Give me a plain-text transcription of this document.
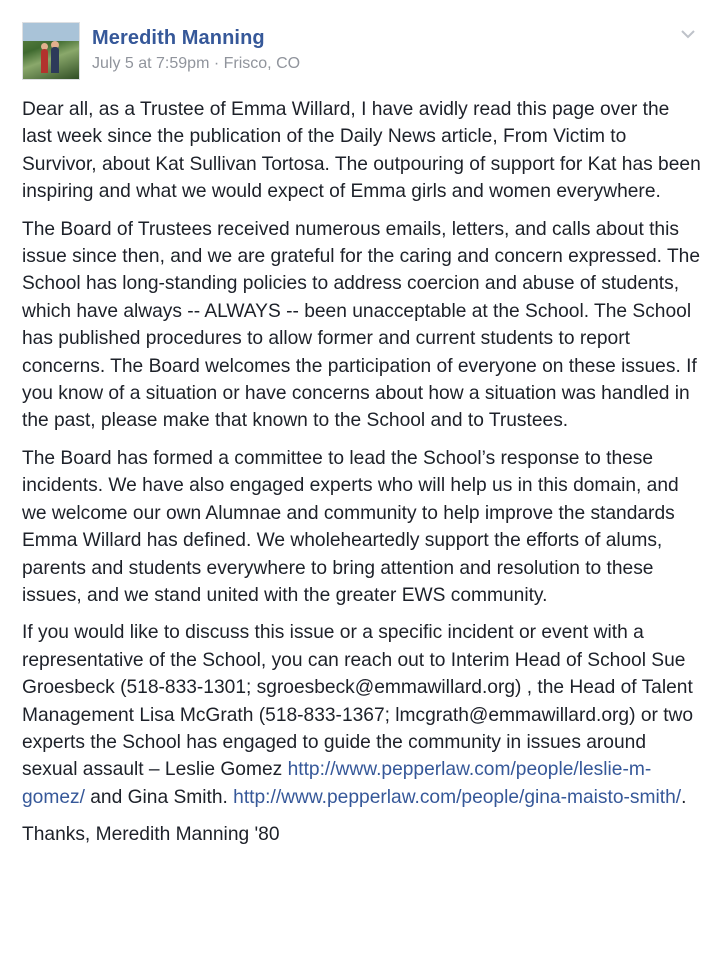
Meredith Manning
July 5 at 7:59pm · Frisco, CO

Dear all, as a Trustee of Emma Willard, I have avidly read this page over the last week since the publication of the Daily News article, From Victim to Survivor, about Kat Sullivan Tortosa. The outpouring of support for Kat has been inspiring and what we would expect of Emma girls and women everywhere.

The Board of Trustees received numerous emails, letters, and calls about this issue since then, and we are grateful for the caring and concern expressed. The School has long-standing policies to address coercion and abuse of students, which have always -- ALWAYS -- been unacceptable at the School. The School has published procedures to allow former and current students to report concerns. The Board welcomes the participation of everyone on these issues. If you know of a situation or have concerns about how a situation was handled in the past, please make that known to the School and to Trustees.

The Board has formed a committee to lead the School’s response to these incidents. We have also engaged experts who will help us in this domain, and we welcome our own Alumnae and community to help improve the standards Emma Willard has defined. We wholeheartedly support the efforts of alums, parents and students everywhere to bring attention and resolution to these issues, and we stand united with the greater EWS community.

If you would like to discuss this issue or a specific incident or event with a representative of the School, you can reach out to Interim Head of School Sue Groesbeck (518-833-1301; sgroesbeck@emmawillard.org) , the Head of Talent Management Lisa McGrath (518-833-1367; lmcgrath@emmawillard.org) or two experts the School has engaged to guide the community in issues around sexual assault – Leslie Gomez http://www.pepperlaw.com/people/leslie-m-gomez/ and Gina Smith. http://www.pepperlaw.com/people/gina-maisto-smith/.

Thanks, Meredith Manning '80
